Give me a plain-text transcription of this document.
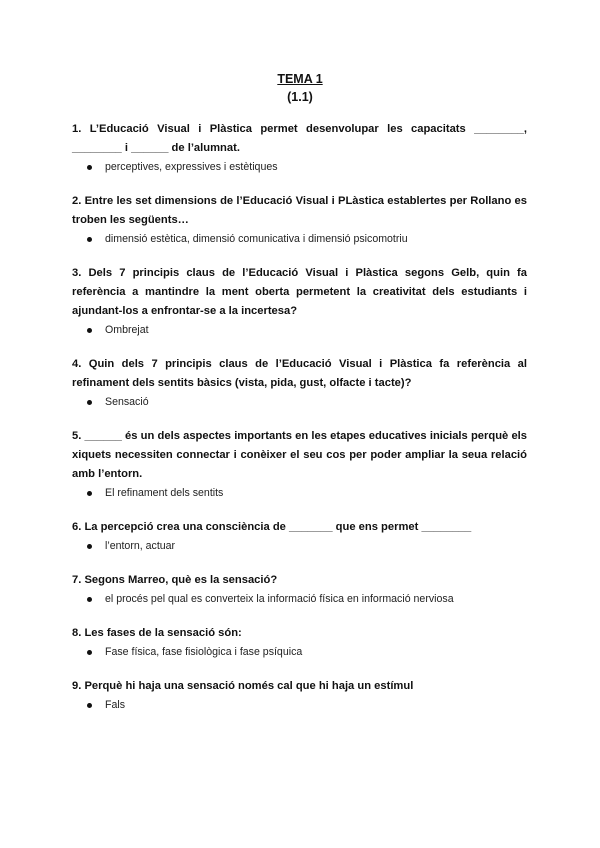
TEMA 1
(1.1)
1. L’Educació Visual i Plàstica permet desenvolupar les capacitats ________, ________ i ______ de l’alumnat.
perceptives, expressives i estètiques
2. Entre les set dimensions de l’Educació Visual i PLàstica establertes per Rollano es troben les següents…
dimensió estètica, dimensió comunicativa i dimensió psicomotriu
3. Dels 7 principis claus de l’Educació Visual i Plàstica segons Gelb, quin fa referència a mantindre la ment oberta permetent la creativitat dels estudiants i ajundant-los a enfrontar-se a la incertesa?
Ombrejat
4. Quin dels 7 principis claus de l’Educació Visual i Plàstica fa referència al refinament dels sentits bàsics (vista, pida, gust, olfacte i tacte)?
Sensació
5. ______ és un dels aspectes importants en les etapes educatives inicials perquè els xiquets necessiten connectar i conèixer el seu cos per poder ampliar la seua relació amb l’entorn.
El refinament dels sentits
6. La percepció crea una consciència de _______ que ens permet ________
l’entorn, actuar
7. Segons Marreo, què es la sensació?
el procés pel qual es converteix la informació física en informació nerviosa
8. Les fases de la sensació són:
Fase física, fase fisiològica i fase psíquica
9. Perquè hi haja una sensació només cal que hi haja un estímul
Fals
